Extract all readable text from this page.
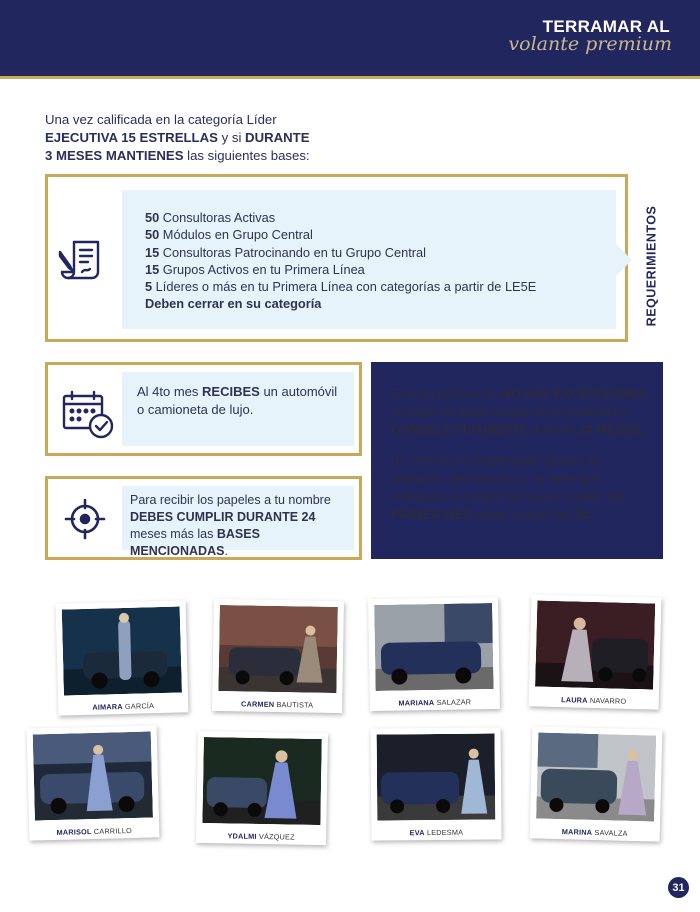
TERRAMAR AL
volante premium
Una vez calificada en la categoría Líder
EJECUTIVA 15 ESTRELLAS y si DURANTE
3 MESES MANTIENES las siguientes bases:
50 Consultoras Activas
50 Módulos en Grupo Central
15 Consultoras Patrocinando en tu Grupo Central
15 Grupos Activos en tu Primera Línea
5 Líderes o más en tu Primera Línea con categorías a partir de LE5E
Deben cerrar en su categoría	REQUERIMIENTOS
Al 4to mes RECIBES un automóvil o camioneta de lujo.
Para recibir los papeles a tu nombre DEBES CUMPLIR DURANTE 24 meses más las BASES MENCIONADAS.
En esta promoción NO HAY EXCEPCIONES. La base se debe cumplir en su totalidad y CONSECUTIVAMENTE durante 24 MESES.
Un mes de incumplimiento genera la anulación del histórico y se tiene que comenzar a cumplir las bases a partir del PRIMER MES hasta cumplir los 24.
AIMARA GARCÍA	CARMEN BAUTISTA	MARIANA SALAZAR	LAURA NAVARRO
MARISOL CARRILLO
YDALMI VÁZQUEZ	EVA LEDESMA	MARINA SAVALZA
31
